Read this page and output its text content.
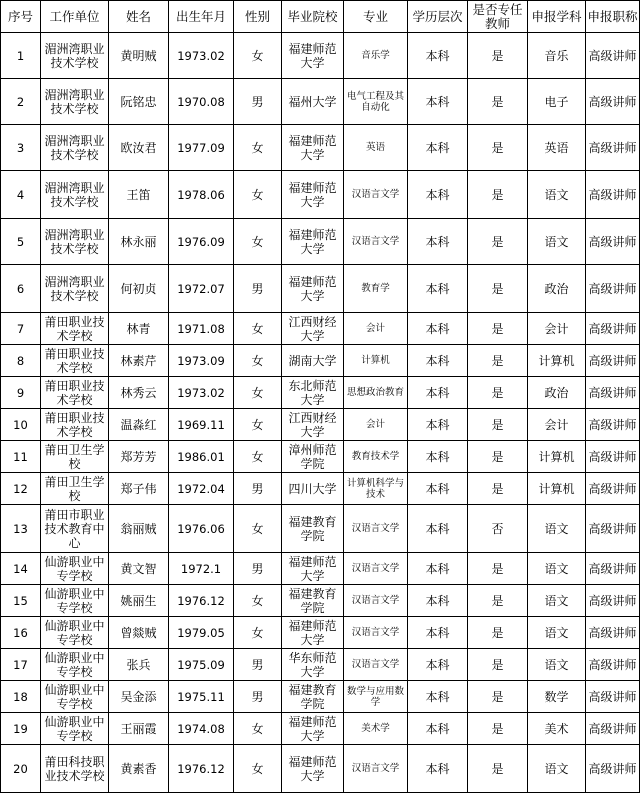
序号	工作单位	姓名	出生年月	性别	毕业院校	专业	学历层次	是否专任教师	申报学科	申报职称
1	湄洲湾职业技术学校	黄明贼	1973.02	女	福建师范大学	音乐学	本科	是	音乐	高级讲师
2	湄洲湾职业技术学校	阮铭忠	1970.08	男	福州大学	电气工程及其自动化	本科	是	电子	高级讲师
3	湄洲湾职业技术学校	欧汝君	1977.09	女	福建师范大学	英语	本科	是	英语	高级讲师
4	湄洲湾职业技术学校	王笛	1978.06	女	福建师范大学	汉语言文学	本科	是	语文	高级讲师
5	湄洲湾职业技术学校	林永丽	1976.09	女	福建师范大学	汉语言文学	本科	是	语文	高级讲师
6	湄洲湾职业技术学校	何初贞	1972.07	男	福建师范大学	教育学	本科	是	政治	高级讲师
7	莆田职业技术学校	林青	1971.08	女	江西财经大学	会计	本科	是	会计	高级讲师
8	莆田职业技术学校	林素芹	1973.09	女	湖南大学	计算机	本科	是	计算机	高级讲师
9	莆田职业技术学校	林秀云	1973.02	女	东北师范大学	思想政治教育	本科	是	政治	高级讲师
10	莆田职业技术学校	温淼红	1969.11	女	江西财经大学	会计	本科	是	会计	高级讲师
11	莆田卫生学校	郑芳芳	1986.01	女	漳州师范学院	教育技术学	本科	是	计算机	高级讲师
12	莆田卫生学校	郑子伟	1972.04	男	四川大学	计算机科学与技术	本科	是	计算机	高级讲师
13	莆田市职业技术教育中心	翁丽贼	1976.06	女	福建教育学院	汉语言文学	本科	否	语文	高级讲师
14	仙游职业中专学校	黄文智	1972.1	男	福建师范大学	汉语言文学	本科	是	语文	高级讲师
15	仙游职业中专学校	姚丽生	1976.12	女	福建教育学院	汉语言文学	本科	是	语文	高级讲师
16	仙游职业中专学校	曾燚贼	1979.05	女	福建师范大学	汉语言文学	本科	是	语文	高级讲师
17	仙游职业中专学校	张兵	1975.09	男	华东师范大学	汉语言文学	本科	是	语文	高级讲师
18	仙游职业中专学校	吴金添	1975.11	男	福建教育学院	数学与应用数学	本科	是	数学	高级讲师
19	仙游职业中专学校	王丽霞	1974.08	女	福建师范大学	美术学	本科	是	美术	高级讲师
20	莆田科技职业技术学校	黄素香	1976.12	女	福建师范大学	汉语言文学	本科	是	语文	高级讲师
